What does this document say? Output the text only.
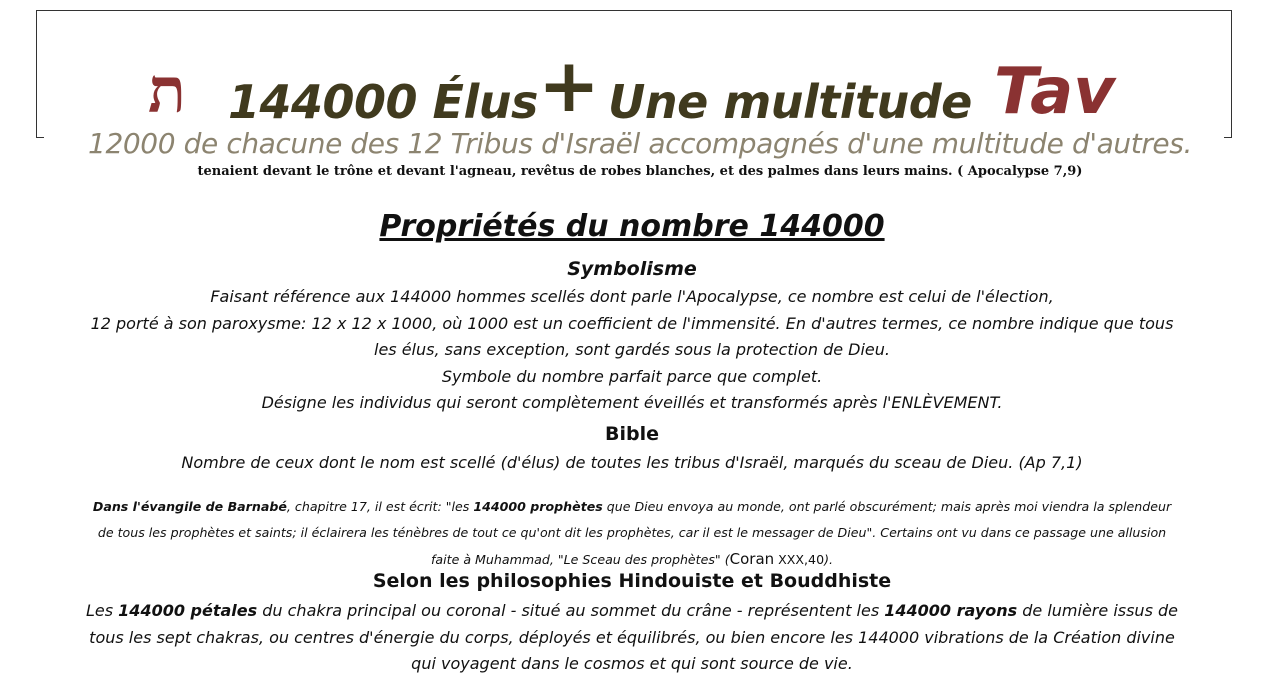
ת 144000 Élus + Une multitude Tav
12000 de chacune des 12 Tribus d'Israël accompagnés d'une multitude d'autres.
tenaient devant le trône et devant l'agneau, revêtus de robes blanches, et des palmes dans leurs mains. ( Apocalypse 7,9)
Propriétés du nombre 144000
Symbolisme
Faisant référence aux 144000 hommes scellés dont parle l'Apocalypse, ce nombre est celui de l'élection,
12 porté à son paroxysme: 12 x 12 x 1000, où 1000 est un coefficient de l'immensité. En d'autres termes, ce nombre indique que tous
les élus, sans exception, sont gardés sous la protection de Dieu.
Symbole du nombre parfait parce que complet.
Désigne les individus qui seront complètement éveillés et transformés après l'ENLÈVEMENT.
Bible
Nombre de ceux dont le nom est scellé (d'élus) de toutes les tribus d'Israël, marqués du sceau de Dieu. (Ap 7,1)
Dans l'évangile de Barnabé, chapitre 17, il est écrit: "les 144000 prophètes que Dieu envoya au monde, ont parlé obscurément; mais après moi viendra la splendeur
de tous les prophètes et saints; il éclairera les ténèbres de tout ce qu'ont dit les prophètes, car il est le messager de Dieu". Certains ont vu dans ce passage une allusion
faite à Muhammad, "Le Sceau des prophètes" (Coran XXX,40).
Selon les philosophies Hindouiste et Bouddhiste
Les 144000 pétales du chakra principal ou coronal - situé au sommet du crâne - représentent les 144000 rayons de lumière issus de
tous les sept chakras, ou centres d'énergie du corps, déployés et équilibrés, ou bien encore les 144000 vibrations de la Création divine
qui voyagent dans le cosmos et qui sont source de vie.
